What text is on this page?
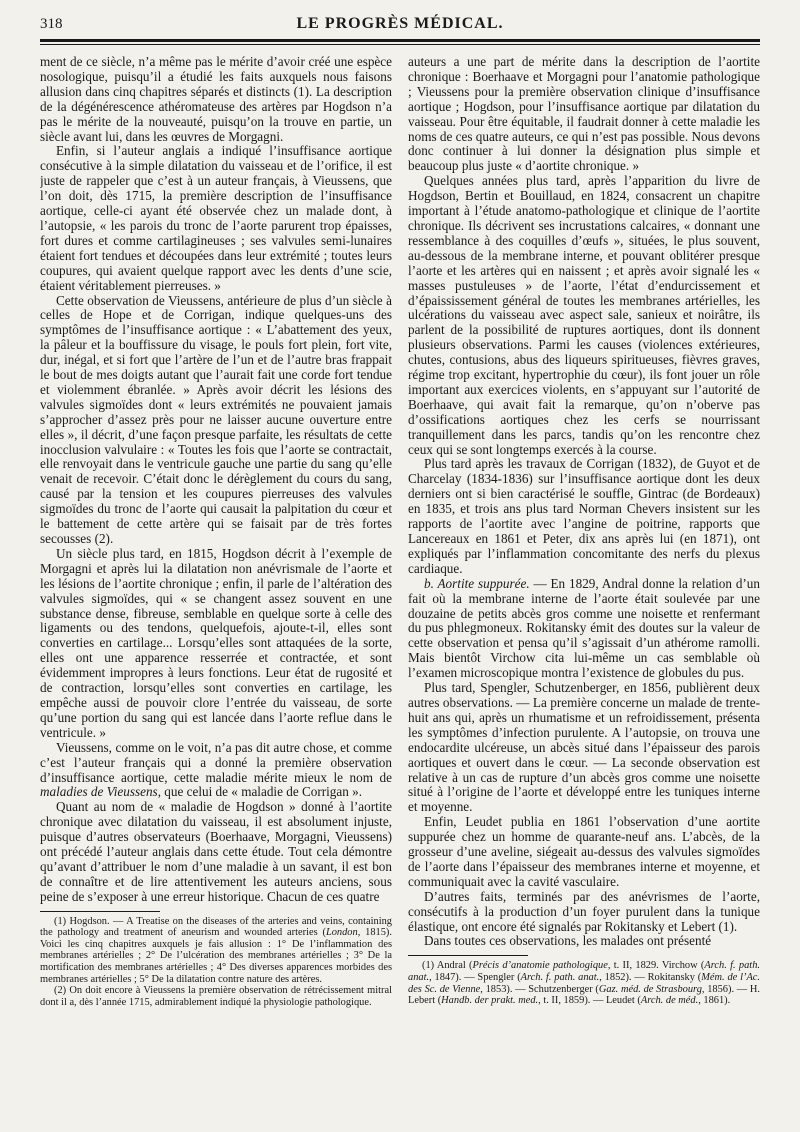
318	LE PROGRÈS MÉDICAL.

ment de ce siècle, n’a même pas le mérite d’avoir créé une espèce nosologique, puisqu’il a étudié les faits auxquels nous faisons allusion dans cinq chapitres séparés et distincts (1). La description de la dégénérescence athéromateuse des artères par Hogdson n’a pas le mérite de la nouveauté, puisqu’on la trouve en partie, un siècle avant lui, dans les œuvres de Morgagni.

Enfin, si l’auteur anglais a indiqué l’insuffisance aortique consécutive à la simple dilatation du vaisseau et de l’orifice, il est juste de rappeler que c’est à un auteur français, à Vieussens, que l’on doit, dès 1715, la première description de l’insuffisance aortique, celle-ci ayant été observée chez un malade dont, à l’autopsie, « les parois du tronc de l’aorte parurent trop épaisses, fort dures et comme cartilagineuses ; ses valvules semi-lunaires étaient fort tendues et découpées dans leur extrémité ; toutes leurs coupures, qui avaient quelque rapport avec les dents d’une scie, étaient véritablement pierreuses. »

Cette observation de Vieussens, antérieure de plus d’un siècle à celles de Hope et de Corrigan, indique quelques-uns des symptômes de l’insuffisance aortique : « L’abattement des yeux, la pâleur et la bouffissure du visage, le pouls fort plein, fort vite, dur, inégal, et si fort que l’artère de l’un et de l’autre bras frappait le bout de mes doigts autant que l’aurait fait une corde fort tendue et violemment ébranlée. » Après avoir décrit les lésions des valvules sigmoïdes dont « leurs extrémités ne pouvaient jamais s’approcher d’assez près pour ne laisser aucune ouverture entre elles », il décrit, d’une façon presque parfaite, les résultats de cette inocclusion valvulaire : « Toutes les fois que l’aorte se contractait, elle renvoyait dans le ventricule gauche une partie du sang qu’elle venait de recevoir. C’était donc le dérèglement du cours du sang, causé par la tension et les coupures pierreuses des valvules sigmoïdes du tronc de l’aorte qui causait la palpitation du cœur et le battement de cette artère qui se faisait par de très fortes secousses (2).

Un siècle plus tard, en 1815, Hogdson décrit à l’exemple de Morgagni et après lui la dilatation non anévrismale de l’aorte et les lésions de l’aortite chronique ; enfin, il parle de l’altération des valvules sigmoïdes, qui « se changent assez souvent en une substance dense, fibreuse, semblable en quelque sorte à celle des ligaments ou des tendons, quelquefois, ajoute-t-il, elles sont converties en cartilage... Lorsqu’elles sont attaquées de la sorte, elles ont une apparence resserrée et contractée, et sont évidemment impropres à leurs fonctions. Leur état de rugosité et de contraction, lorsqu’elles sont converties en cartilage, les empêche aussi de pouvoir clore l’entrée du vaisseau, de sorte qu’une portion du sang qui est lancée dans l’aorte reflue dans le ventricule. »

Vieussens, comme on le voit, n’a pas dit autre chose, et comme c’est l’auteur français qui a donné la première observation d’insuffisance aortique, cette maladie mérite mieux le nom de maladies de Vieussens, que celui de « maladie de Corrigan ».

Quant au nom de « maladie de Hogdson » donné à l’aortite chronique avec dilatation du vaisseau, il est absolument injuste, puisque d’autres observateurs (Boerhaave, Morgagni, Vieussens) ont précédé l’auteur anglais dans cette étude. Tout cela démontre qu’avant d’attribuer le nom d’une maladie à un savant, il est bon de connaître et de lire attentivement les auteurs anciens, sous peine de s’exposer à une erreur historique. Chacun de ces quatre

(1) Hogdson. — A Treatise on the diseases of the arteries and veins, containing the pathology and treatment of aneurism and wounded arteries (London, 1815). Voici les cinq chapitres auxquels je fais allusion : 1° De l’inflammation des membranes artérielles ; 2° De l’ulcération des membranes artérielles ; 3° De la mortification des membranes artérielles ; 4° Des diverses apparences morbides des membranes artérielles ; 5° De la dilatation contre nature des artères.

(2) On doit encore à Vieussens la première observation de rétrécissement mitral dont il a, dès l’année 1715, admirablement indiqué la physiologie pathologique.

auteurs a une part de mérite dans la description de l’aortite chronique : Boerhaave et Morgagni pour l’anatomie pathologique ; Vieussens pour la première observation clinique d’insuffisance aortique ; Hogdson, pour l’insuffisance aortique par dilatation du vaisseau. Pour être équitable, il faudrait donner à cette maladie les noms de ces quatre auteurs, ce qui n’est pas possible. Nous devons donc continuer à lui donner la désignation plus simple et beaucoup plus juste « d’aortite chronique. »

Quelques années plus tard, après l’apparition du livre de Hogdson, Bertin et Bouillaud, en 1824, consacrent un chapitre important à l’étude anatomo-pathologique et clinique de l’aortite chronique. Ils décrivent ses incrustations calcaires, « donnant une ressemblance à des coquilles d’œufs », situées, le plus souvent, au-dessous de la membrane interne, et pouvant oblitérer presque l’aorte et les artères qui en naissent ; et après avoir signalé les « masses pustuleuses » de l’aorte, l’état d’endurcissement et d’épaississement général de toutes les membranes artérielles, les ulcérations du vaisseau avec aspect sale, sanieux et noirâtre, ils parlent de la possibilité de ruptures aortiques, dont ils donnent plusieurs observations. Parmi les causes (violences extérieures, chutes, contusions, abus des liqueurs spiritueuses, fièvres graves, régime trop excitant, hypertrophie du cœur), ils font jouer un rôle important aux exercices violents, en s’appuyant sur l’autorité de Boerhaave, qui avait fait la remarque, qu’on n’oberve pas d’ossifications aortiques chez les cerfs se nourrissant tranquillement dans les parcs, tandis qu’on les rencontre chez ceux qui se sont longtemps exercés à la course.

Plus tard après les travaux de Corrigan (1832), de Guyot et de Charcelay (1834-1836) sur l’insuffisance aortique dont les deux derniers ont si bien caractérisé le souffle, Gintrac (de Bordeaux) en 1835, et trois ans plus tard Norman Chevers insistent sur les rapports de l’aortite avec l’angine de poitrine, rapports que Lancereaux en 1861 et Peter, dix ans après lui (en 1871), ont expliqués par l’inflammation concomitante des nerfs du plexus cardiaque.

b. Aortite suppurée. — En 1829, Andral donne la relation d’un fait où la membrane interne de l’aorte était soulevée par une douzaine de petits abcès gros comme une noisette et renfermant du pus phlegmoneux. Rokitansky émit des doutes sur la valeur de cette observation et pensa qu’il s’agissait d’un athérome ramolli. Mais bientôt Virchow cita lui-même un cas semblable où l’examen microscopique montra l’existence de globules du pus.

Plus tard, Spengler, Schutzenberger, en 1856, publièrent deux autres observations. — La première concerne un malade de trente-huit ans qui, après un rhumatisme et un refroidissement, présenta les symptômes d’infection purulente. A l’autopsie, on trouva une endocardite ulcéreuse, un abcès situé dans l’épaisseur des parois aortiques et ouvert dans le cœur. — La seconde observation est relative à un cas de rupture d’un abcès gros comme une noisette situé à l’origine de l’aorte et développé entre les tuniques interne et moyenne.

Enfin, Leudet publia en 1861 l’observation d’une aortite suppurée chez un homme de quarante-neuf ans. L’abcès, de la grosseur d’une aveline, siégeait au-dessus des valvules sigmoïdes de l’aorte dans l’épaisseur des membranes interne et moyenne, et communiquait avec la cavité vasculaire.

D’autres faits, terminés par des anévrismes de l’aorte, consécutifs à la production d’un foyer purulent dans la tunique élastique, ont encore été signalés par Rokitansky et Lebert (1).

Dans toutes ces observations, les malades ont présenté

(1) Andral (Précis d’anatomie pathologique, t. II, 1829. Virchow (Arch. f. path. anat., 1847). — Spengler (Arch. f. path. anat., 1852). — Rokitansky (Mém. de l’Ac. des Sc. de Vienne, 1853). — Schutzenberger (Gaz. méd. de Strasbourg, 1856). — H. Lebert (Handb. der prakt. med., t. II, 1859). — Leudet (Arch. de méd., 1861).
